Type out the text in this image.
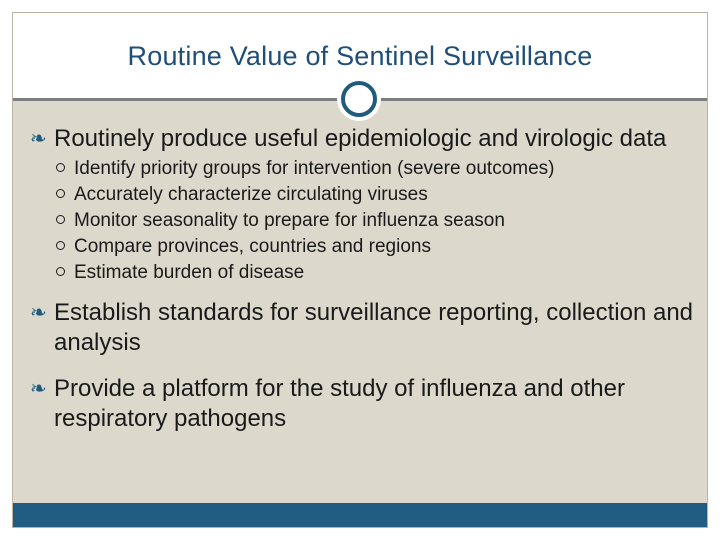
Routine Value of Sentinel Surveillance
❧ Routinely produce useful epidemiologic and virologic data
Identify priority groups for intervention (severe outcomes)
Accurately characterize circulating viruses
Monitor seasonality to prepare for influenza season
Compare provinces, countries and regions
Estimate burden of disease
❧ Establish standards for surveillance reporting, collection and analysis
❧ Provide a platform for the study of influenza and other respiratory pathogens
